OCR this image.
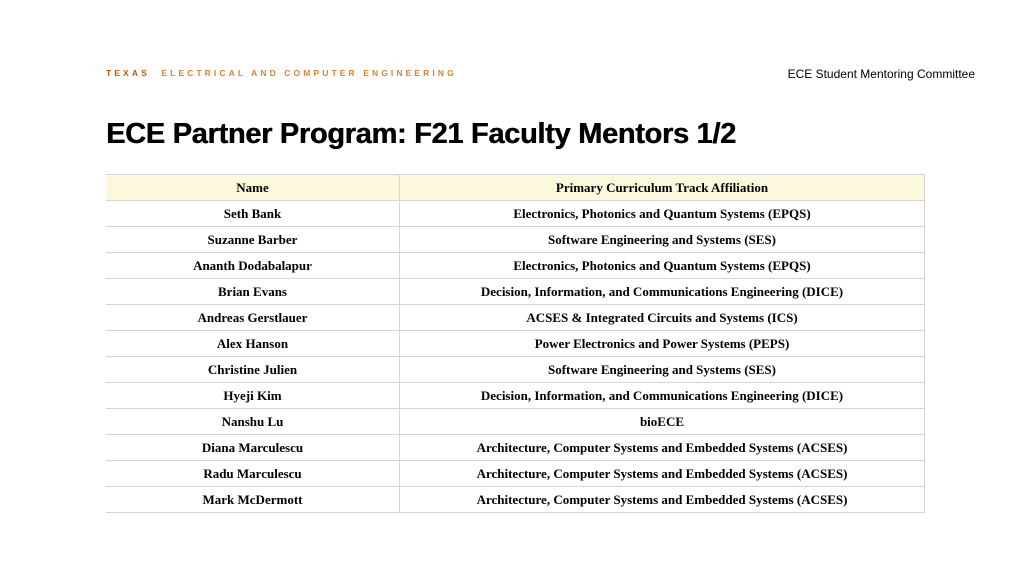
TEXAS ELECTRICAL AND COMPUTER ENGINEERING	ECE Student Mentoring Committee
ECE Partner Program: F21 Faculty Mentors 1/2
Name	Primary Curriculum Track Affiliation
Seth Bank	Electronics, Photonics and Quantum Systems (EPQS)
Suzanne Barber	Software Engineering and Systems (SES)
Ananth Dodabalapur	Electronics, Photonics and Quantum Systems (EPQS)
Brian Evans	Decision, Information, and Communications Engineering (DICE)
Andreas Gerstlauer	ACSES & Integrated Circuits and Systems (ICS)
Alex Hanson	Power Electronics and Power Systems (PEPS)
Christine Julien	Software Engineering and Systems (SES)
Hyeji Kim	Decision, Information, and Communications Engineering (DICE)
Nanshu Lu	bioECE
Diana Marculescu	Architecture, Computer Systems and Embedded Systems (ACSES)
Radu Marculescu	Architecture, Computer Systems and Embedded Systems (ACSES)
Mark McDermott	Architecture, Computer Systems and Embedded Systems (ACSES)
